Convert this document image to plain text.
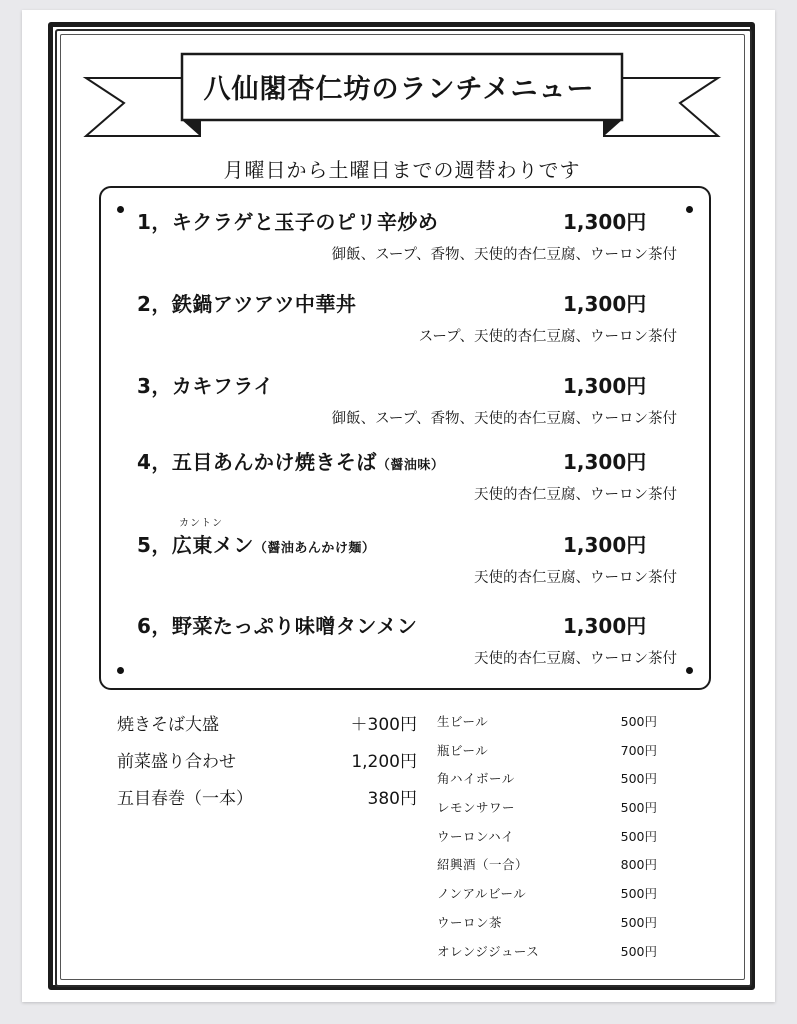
八仙閣杏仁坊のランチメニュー
月曜日から土曜日までの週替わりです
1，キクラゲと玉子のピリ辛炒め	1,300円
御飯、スープ、香物、天使的杏仁豆腐、ウーロン茶付
2，鉄鍋アツアツ中華丼	1,300円
スープ、天使的杏仁豆腐、ウーロン茶付
3，カキフライ	1,300円
御飯、スープ、香物、天使的杏仁豆腐、ウーロン茶付
4，五目あんかけ焼きそば（醤油味）	1,300円
天使的杏仁豆腐、ウーロン茶付
カントン
5，広東メン（醤油あんかけ麺）	1,300円
天使的杏仁豆腐、ウーロン茶付
6，野菜たっぷり味噌タンメン	1,300円
天使的杏仁豆腐、ウーロン茶付
焼きそば大盛	＋300円
前菜盛り合わせ	1,200円
五目春巻（一本）	380円
生ビール	500円
瓶ビール	700円
角ハイボール	500円
レモンサワー	500円
ウーロンハイ	500円
紹興酒（一合）	800円
ノンアルビール	500円
ウーロン茶	500円
オレンジジュース	500円
